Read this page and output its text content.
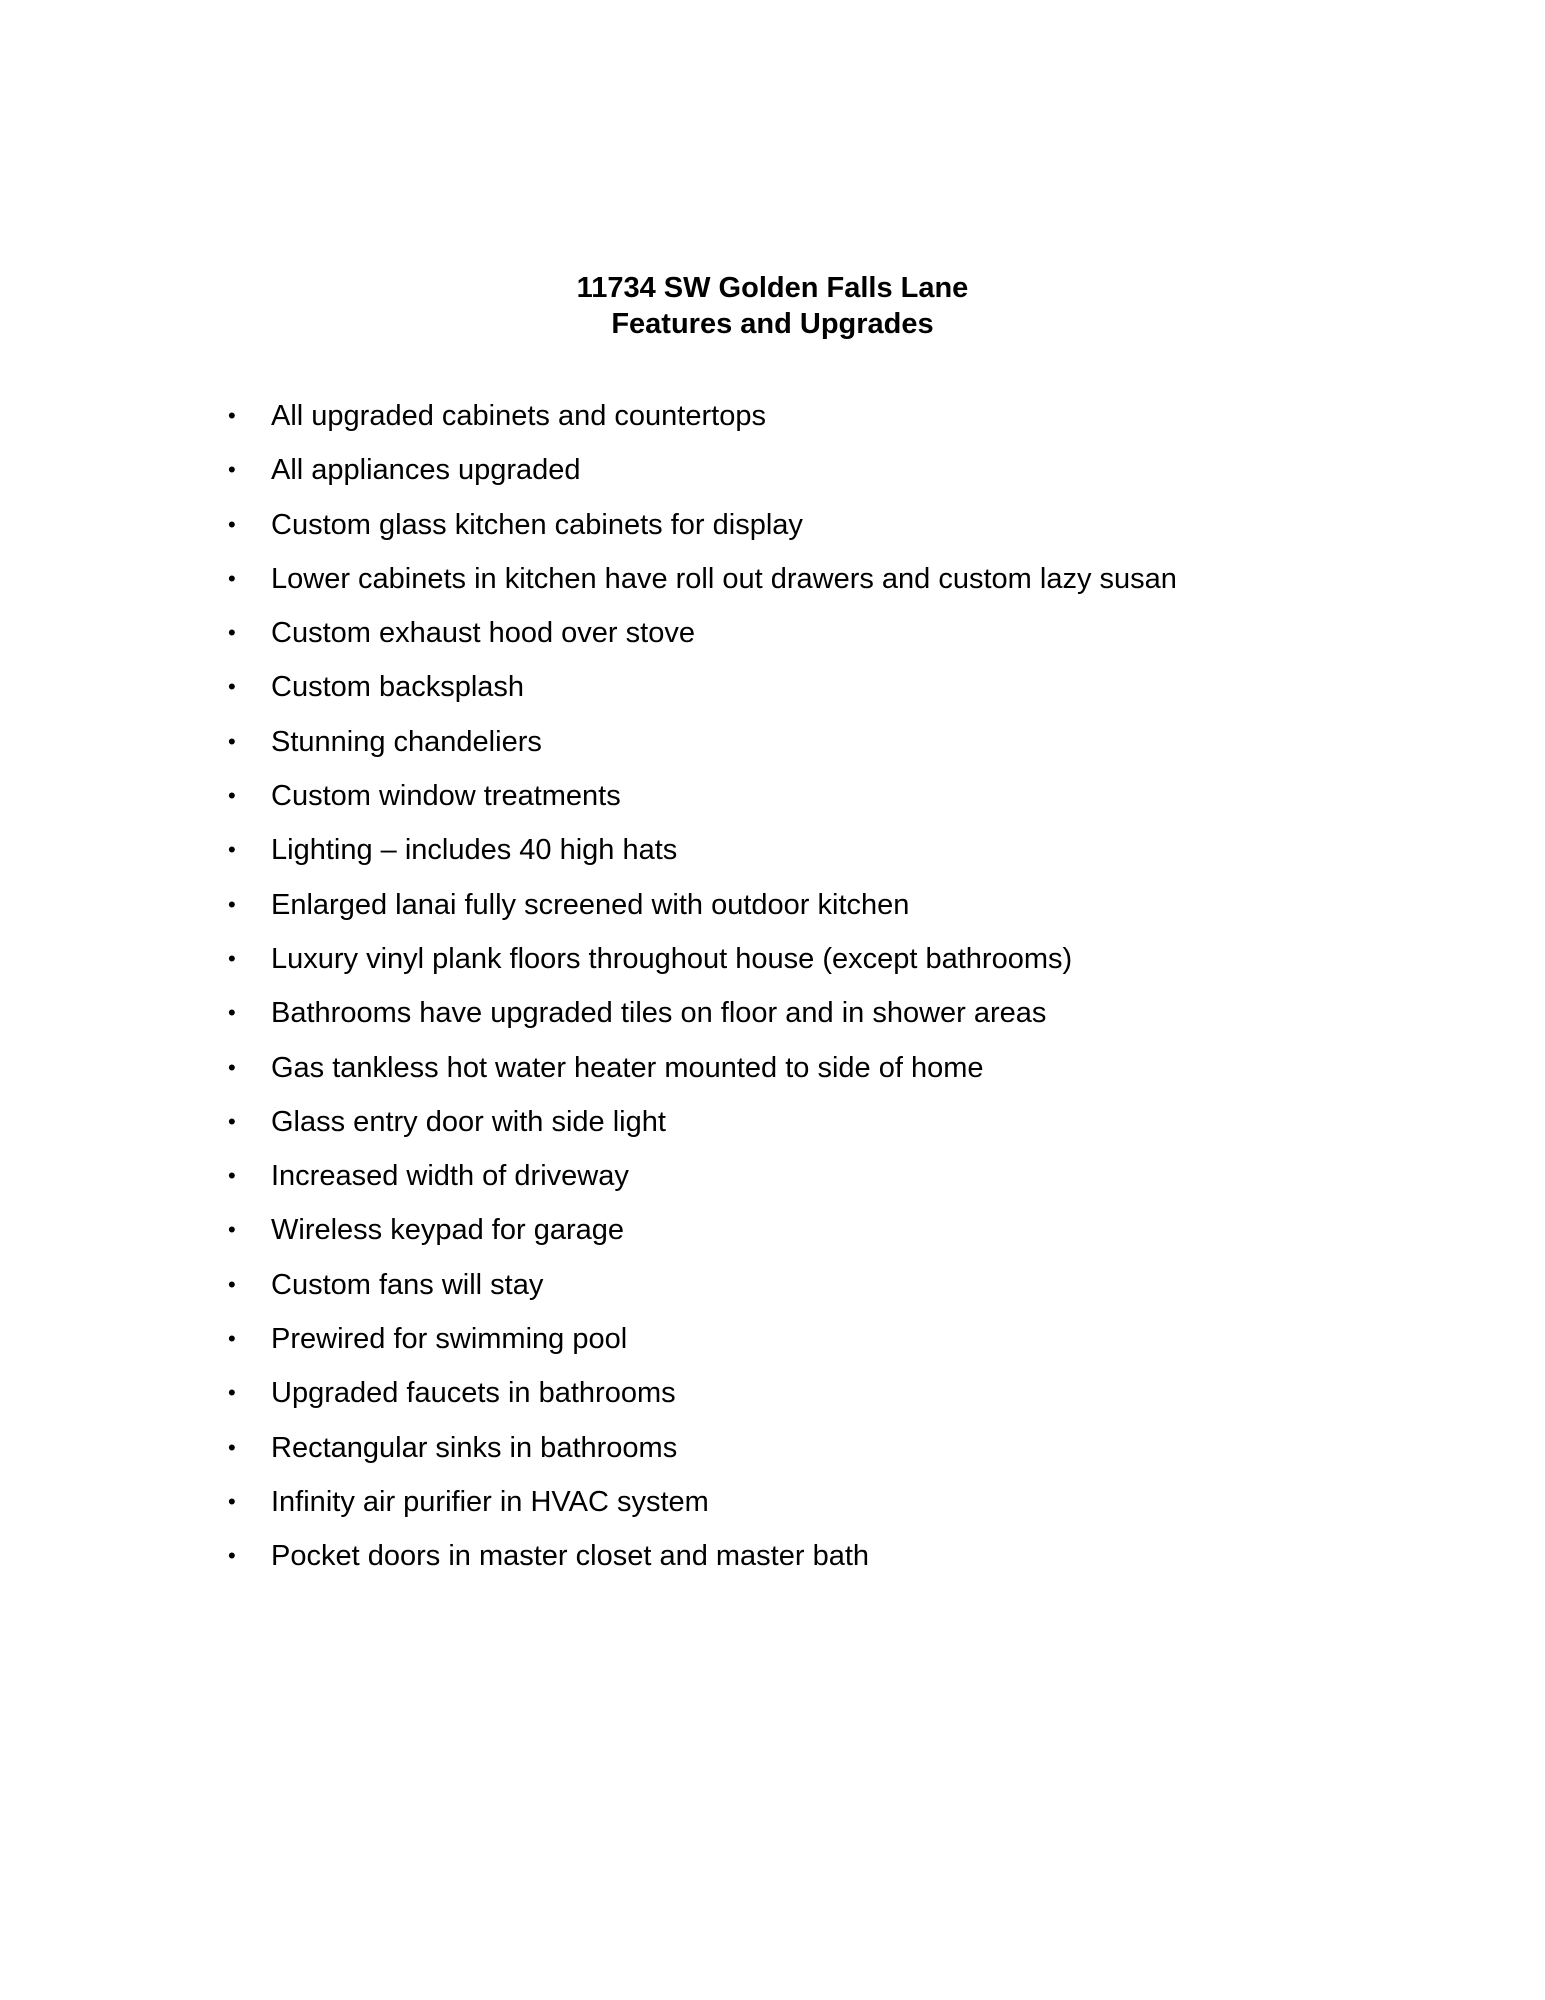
11734 SW Golden Falls Lane
Features and Upgrades
• All upgraded cabinets and countertops
• All appliances upgraded
• Custom glass kitchen cabinets for display
• Lower cabinets in kitchen have roll out drawers and custom lazy susan
• Custom exhaust hood over stove
• Custom backsplash
• Stunning chandeliers
• Custom window treatments
• Lighting – includes 40 high hats
• Enlarged lanai fully screened with outdoor kitchen
• Luxury vinyl plank floors throughout house (except bathrooms)
• Bathrooms have upgraded tiles on floor and in shower areas
• Gas tankless hot water heater mounted to side of home
• Glass entry door with side light
• Increased width of driveway
• Wireless keypad for garage
• Custom fans will stay
• Prewired for swimming pool
• Upgraded faucets in bathrooms
• Rectangular sinks in bathrooms
• Infinity air purifier in HVAC system
• Pocket doors in master closet and master bath
